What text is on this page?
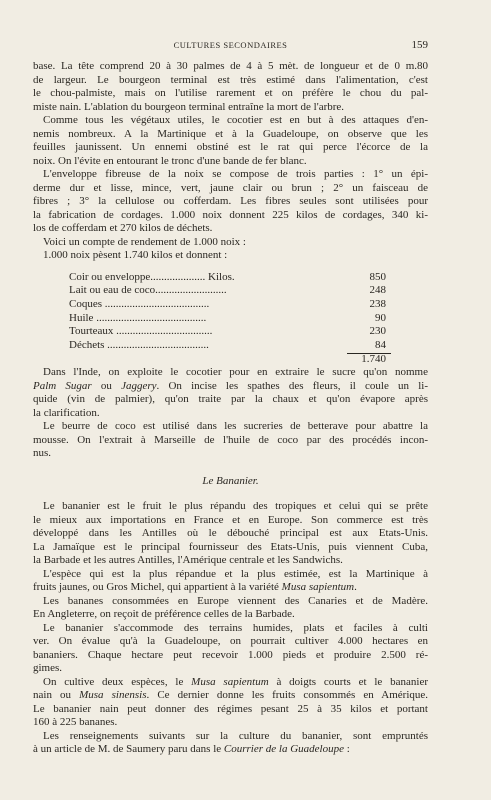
CULTURES SECONDAIRES	159
base. La tête comprend 20 à 30 palmes de 4 à 5 mèt. de longueur et de 0 m.80
de largeur. Le bourgeon terminal est très estimé dans l'alimentation, c'est
le chou-palmiste, mais on l'utilise rarement et on préfère le chou du pal-
miste nain. L'ablation du bourgeon terminal entraîne la mort de l'arbre.
Comme tous les végétaux utiles, le cocotier est en but à des attaques d'en-
nemis nombreux. A la Martinique et à la Guadeloupe, on observe que les
feuilles jaunissent. Un ennemi obstiné est le rat qui perce l'écorce de la
noix. On l'évite en entourant le tronc d'une bande de fer blanc.
L'enveloppe fibreuse de la noix se compose de trois parties : 1° un épi-
derme dur et lisse, mince, vert, jaune clair ou brun ; 2° un faisceau de
fibres ; 3° la cellulose ou cofferdam. Les fibres seules sont utilisées pour
la fabrication de cordages. 1.000 noix donnent 225 kilos de cordages, 340 ki-
los de cofferdam et 270 kilos de déchets.
Voici un compte de rendement de 1.000 noix :
1.000 noix pèsent 1.740 kilos et donnent :
Coir ou enveloppe.................... Kilos.	850
Lait ou eau de coco..........................	248
Coques ......................................	238
Huile ........................................	90
Tourteaux ...................................	230
Déchets .....................................	84
1.740
Dans l'Inde, on exploite le cocotier pour en extraire le sucre qu'on nomme
Palm Sugar ou Jaggery. On incise les spathes des fleurs, il coule un li-
quide (vin de palmier), qu'on traite par la chaux et qu'on évapore après
la clarification.
Le beurre de coco est utilisé dans les sucreries de betterave pour abattre la
mousse. On l'extrait à Marseille de l'huile de coco par des procédés incon-
nus.
Le Bananier.
Le bananier est le fruit le plus répandu des tropiques et celui qui se prête
le mieux aux importations en France et en Europe. Son commerce est très
développé dans les Antilles où le débouché principal est aux Etats-Unis.
La Jamaïque est le principal fournisseur des Etats-Unis, puis viennent Cuba,
la Barbade et les autres Antilles, l'Amérique centrale et les Sandwichs.
L'espèce qui est la plus répandue et la plus estimée, est la Martinique à
fruits jaunes, ou Gros Michel, qui appartient à la variété Musa sapientum.
Les bananes consommées en Europe viennent des Canaries et de Madère.
En Angleterre, on reçoit de préférence celles de la Barbade.
Le bananier s'accommode des terrains humides, plats et faciles à culti
ver. On évalue qu'à la Guadeloupe, on pourrait cultiver 4.000 hectares en
bananiers. Chaque hectare peut recevoir 1.000 pieds et produire 2.500 ré-
gimes.
On cultive deux espèces, le Musa sapientum à doigts courts et le bananier
nain ou Musa sinensis. Ce dernier donne les fruits consommés en Amérique.
Le bananier nain peut donner des régimes pesant 25 à 35 kilos et portant
160 à 225 bananes.
Les renseignements suivants sur la culture du bananier, sont empruntés
à un article de M. de Saumery paru dans le Courrier de la Guadeloupe :
